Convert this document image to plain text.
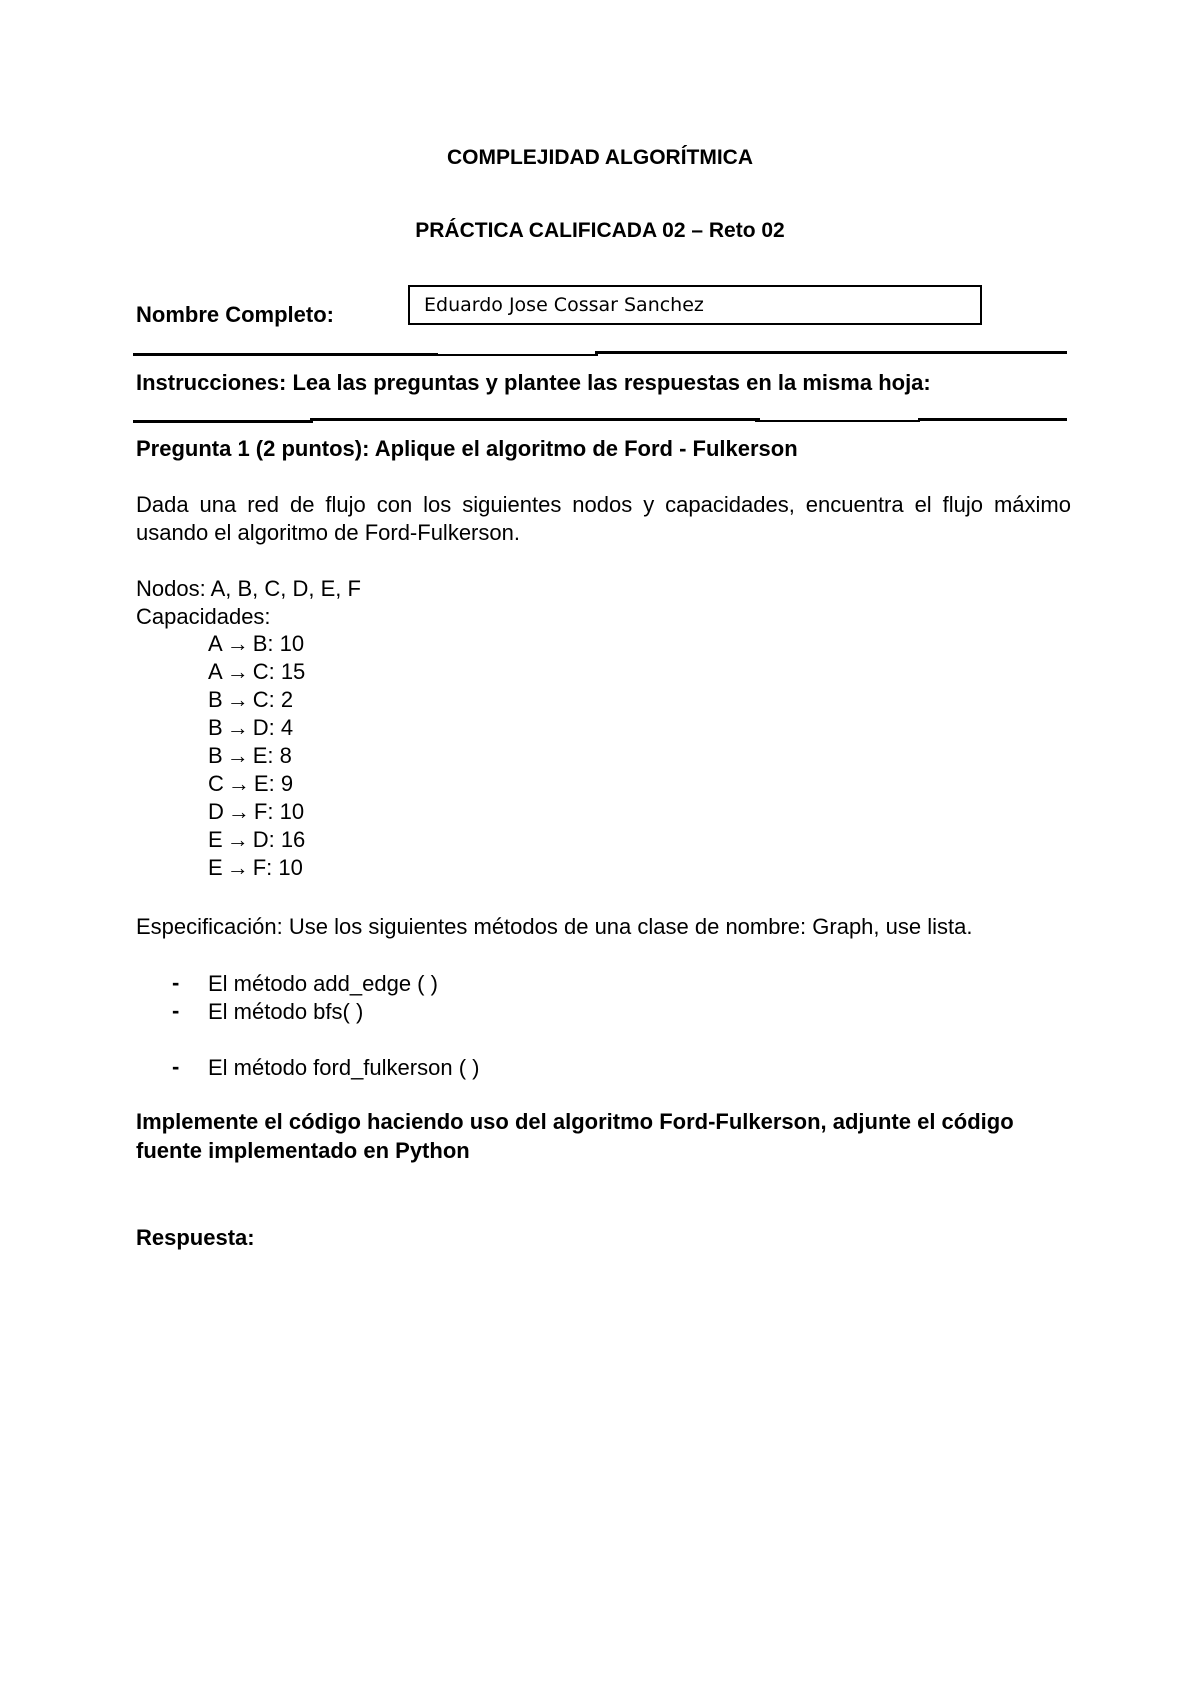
COMPLEJIDAD ALGORÍTMICA
PRÁCTICA CALIFICADA 02 – Reto 02
Nombre Completo:	Eduardo Jose Cossar Sanchez
Instrucciones: Lea las preguntas y plantee las respuestas en la misma hoja:
Pregunta 1 (2 puntos): Aplique el algoritmo de Ford - Fulkerson
Dada una red de flujo con los siguientes nodos y capacidades, encuentra el flujo máximo usando el algoritmo de Ford-Fulkerson.
Nodos: A, B, C, D, E, F
Capacidades:
A → B: 10
A → C: 15
B → C: 2
B → D: 4
B → E: 8
C → E: 9
D → F: 10
E → D: 16
E → F: 10
Especificación: Use los siguientes métodos de una clase de nombre: Graph, use lista.
- El método add_edge ( )
- El método bfs( )
- El método ford_fulkerson ( )
Implemente el código haciendo uso del algoritmo Ford-Fulkerson, adjunte el código
fuente implementado en Python
Respuesta:
